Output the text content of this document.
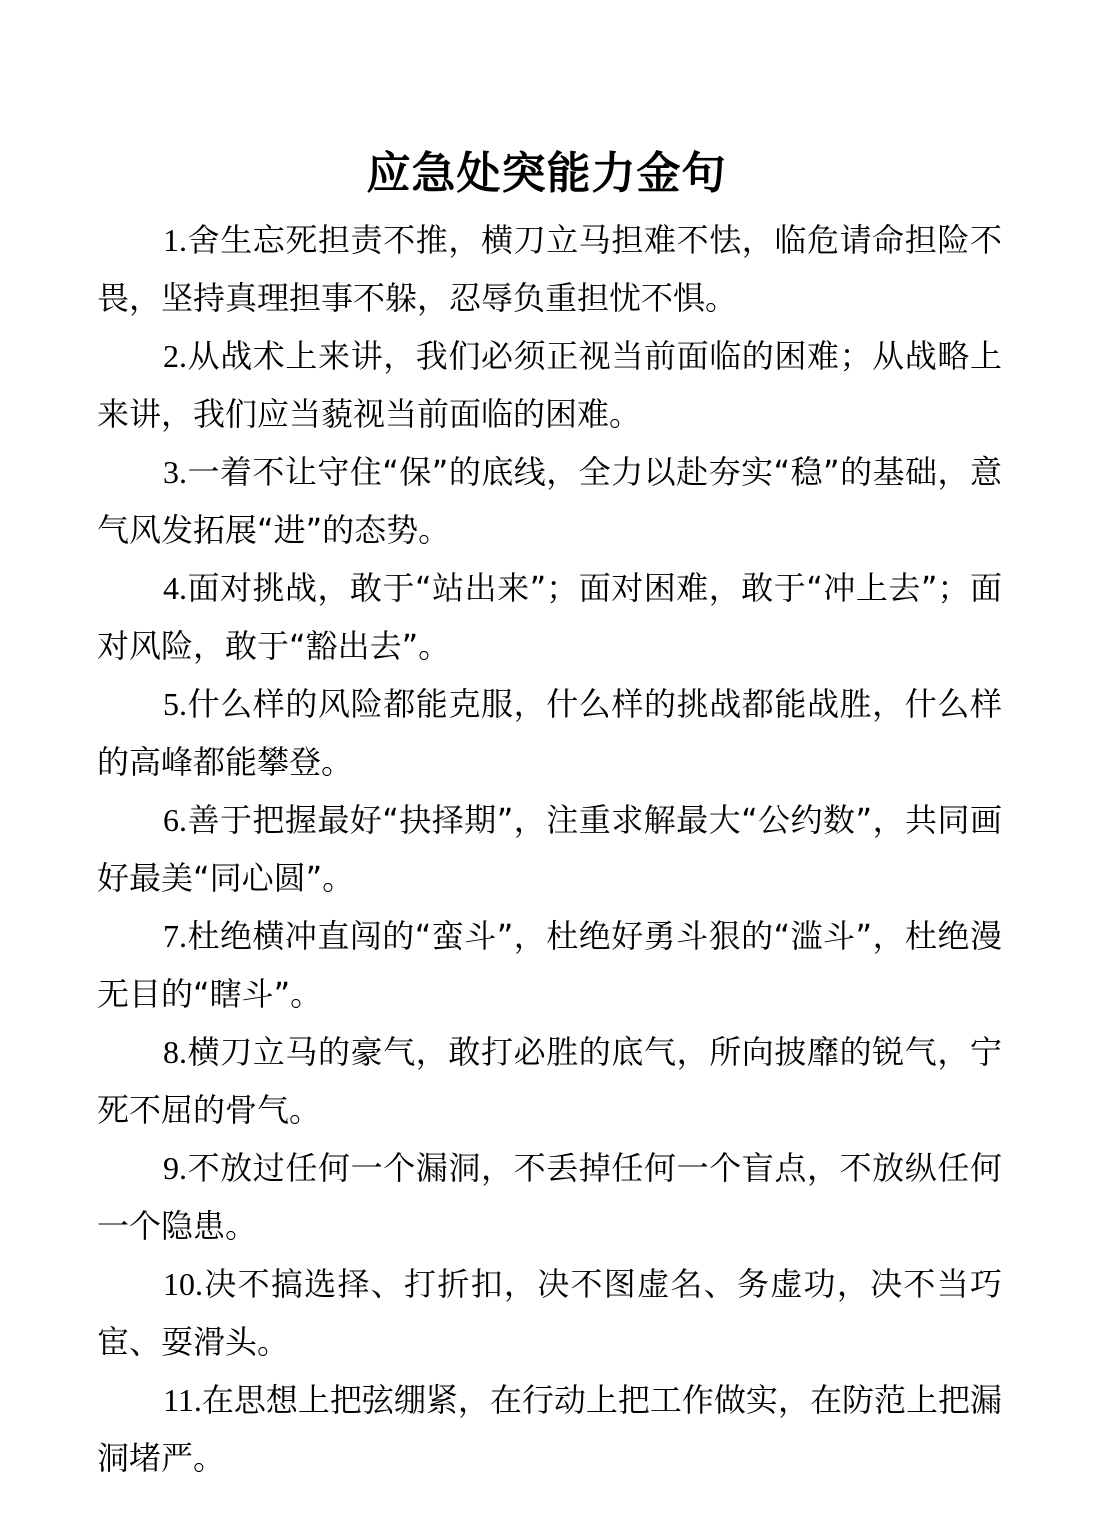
应急处突能力金句

1.舍生忘死担责不推，横刀立马担难不怯，临危请命担险不畏，坚持真理担事不躲，忍辱负重担忧不惧。

2.从战术上来讲，我们必须正视当前面临的困难；从战略上来讲，我们应当藐视当前面临的困难。

3.一着不让守住“保”的底线，全力以赴夯实“稳”的基础，意气风发拓展“进”的态势。

4.面对挑战，敢于“站出来”；面对困难，敢于“冲上去”；面对风险，敢于“豁出去”。

5.什么样的风险都能克服，什么样的挑战都能战胜，什么样的高峰都能攀登。

6.善于把握最好“抉择期”，注重求解最大“公约数”，共同画好最美“同心圆”。

7.杜绝横冲直闯的“蛮斗”，杜绝好勇斗狠的“滥斗”，杜绝漫无目的“瞎斗”。

8.横刀立马的豪气，敢打必胜的底气，所向披靡的锐气，宁死不屈的骨气。

9.不放过任何一个漏洞，不丢掉任何一个盲点，不放纵任何一个隐患。

10.决不搞选择、打折扣，决不图虚名、务虚功，决不当巧宦、耍滑头。

11.在思想上把弦绷紧，在行动上把工作做实，在防范上把漏洞堵严。
